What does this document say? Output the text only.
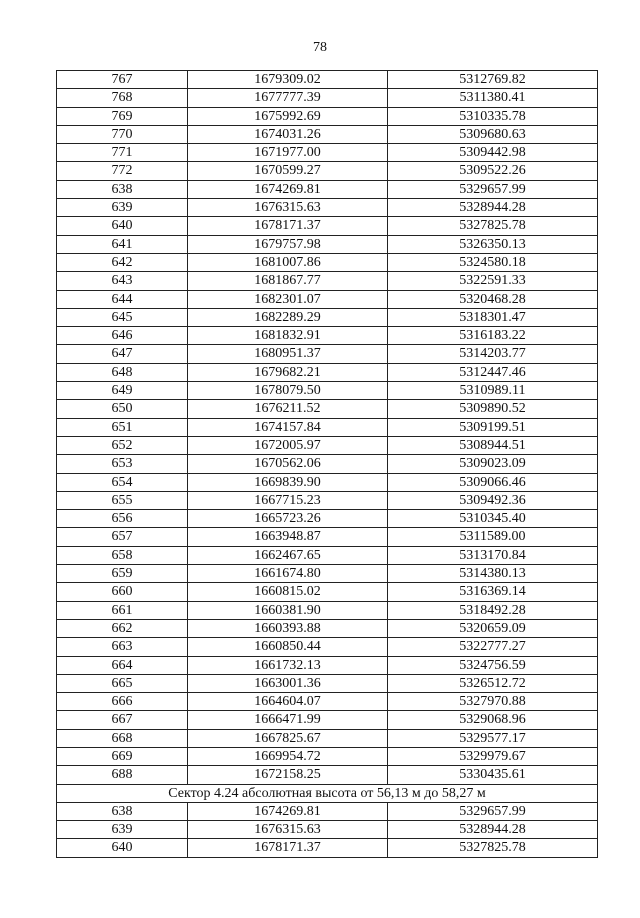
78
767	1679309.02	5312769.82
768	1677777.39	5311380.41
769	1675992.69	5310335.78
770	1674031.26	5309680.63
771	1671977.00	5309442.98
772	1670599.27	5309522.26
638	1674269.81	5329657.99
639	1676315.63	5328944.28
640	1678171.37	5327825.78
641	1679757.98	5326350.13
642	1681007.86	5324580.18
643	1681867.77	5322591.33
644	1682301.07	5320468.28
645	1682289.29	5318301.47
646	1681832.91	5316183.22
647	1680951.37	5314203.77
648	1679682.21	5312447.46
649	1678079.50	5310989.11
650	1676211.52	5309890.52
651	1674157.84	5309199.51
652	1672005.97	5308944.51
653	1670562.06	5309023.09
654	1669839.90	5309066.46
655	1667715.23	5309492.36
656	1665723.26	5310345.40
657	1663948.87	5311589.00
658	1662467.65	5313170.84
659	1661674.80	5314380.13
660	1660815.02	5316369.14
661	1660381.90	5318492.28
662	1660393.88	5320659.09
663	1660850.44	5322777.27
664	1661732.13	5324756.59
665	1663001.36	5326512.72
666	1664604.07	5327970.88
667	1666471.99	5329068.96
668	1667825.67	5329577.17
669	1669954.72	5329979.67
688	1672158.25	5330435.61
Сектор 4.24 абсолютная высота от 56,13 м до 58,27 м		
638	1674269.81	5329657.99
639	1676315.63	5328944.28
640	1678171.37	5327825.78
